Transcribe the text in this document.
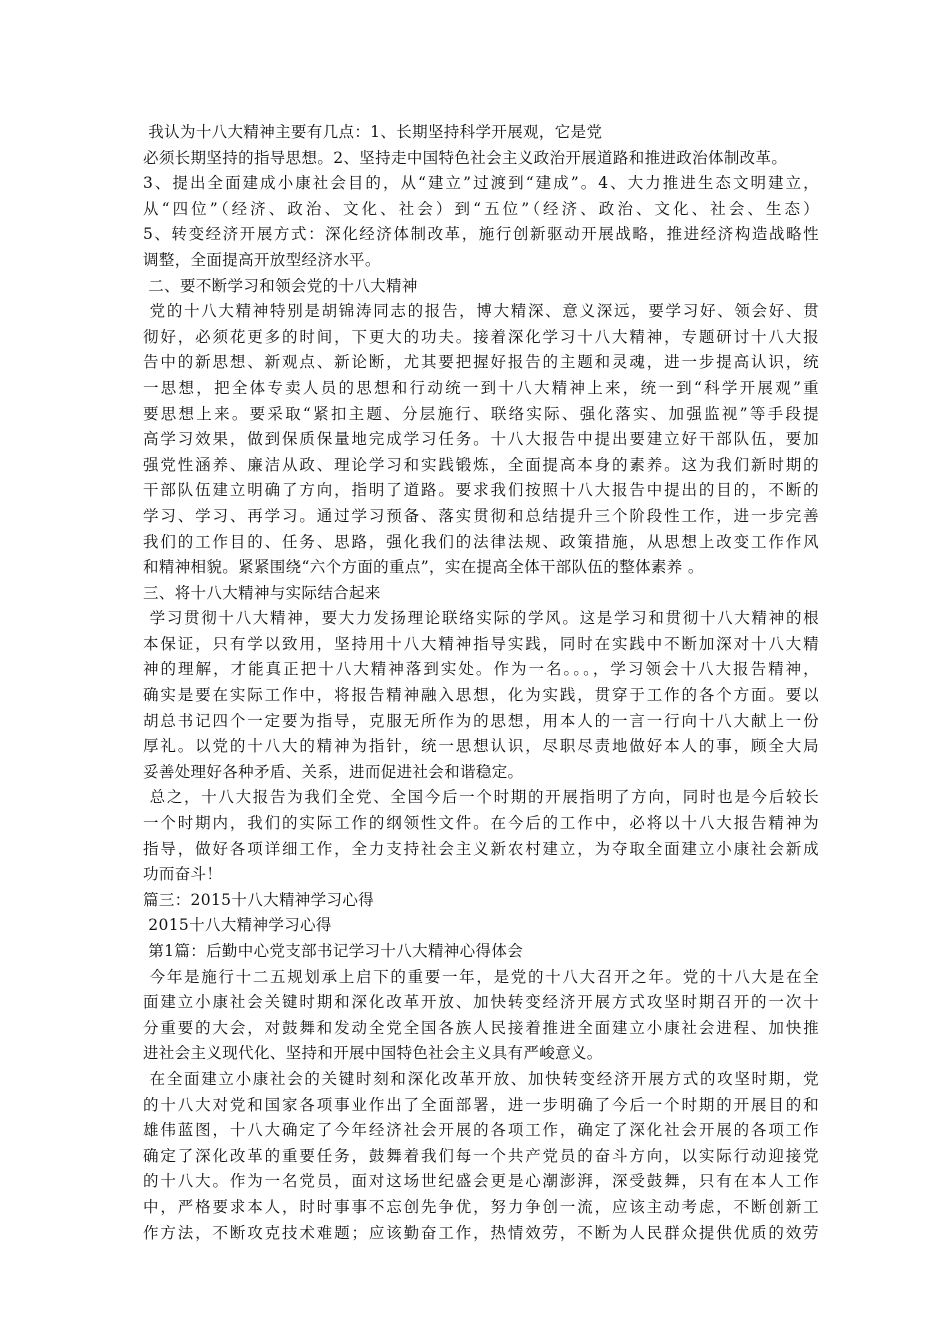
我认为十八大精神主要有几点：1、长期坚持科学开展观，它是党
必须长期坚持的指导思想。2、坚持走中国特色社会主义政治开展道路和推进政治体制改革。
3、提出全面建成小康社会目的，从“建立”过渡到“建成”。4、大力推进生态文明建立，
从“四位”（经济、政治、文化、社会）到“五位”（经济、政治、文化、社会、生态）
5、转变经济开展方式：深化经济体制改革，施行创新驱动开展战略，推进经济构造战略性
调整，全面提高开放型经济水平。
二、要不断学习和领会党的十八大精神
党的十八大精神特别是胡锦涛同志的报告，博大精深、意义深远，要学习好、领会好、贯
彻好，必须花更多的时间，下更大的功夫。接着深化学习十八大精神，专题研讨十八大报
告中的新思想、新观点、新论断，尤其要把握好报告的主题和灵魂，进一步提高认识，统
一思想，把全体专卖人员的思想和行动统一到十八大精神上来，统一到“科学开展观”重
要思想上来。要采取“紧扣主题、分层施行、联络实际、强化落实、加强监视”等手段提
高学习效果，做到保质保量地完成学习任务。十八大报告中提出要建立好干部队伍，要加
强党性涵养、廉洁从政、理论学习和实践锻炼，全面提高本身的素养。这为我们新时期的
干部队伍建立明确了方向，指明了道路。要求我们按照十八大报告中提出的目的，不断的
学习、学习、再学习。通过学习预备、落实贯彻和总结提升三个阶段性工作，进一步完善
我们的工作目的、任务、思路，强化我们的法律法规、政策措施，从思想上改变工作作风
和精神相貌。紧紧围绕“六个方面的重点”，实在提高全体干部队伍的整体素养 。
三、将十八大精神与实际结合起来
学习贯彻十八大精神，要大力发扬理论联络实际的学风。这是学习和贯彻十八大精神的根
本保证，只有学以致用，坚持用十八大精神指导实践，同时在实践中不断加深对十八大精
神的理解，才能真正把十八大精神落到实处。作为一名。。。，学习领会十八大报告精神，
确实是要在实际工作中，将报告精神融入思想，化为实践，贯穿于工作的各个方面。要以
胡总书记四个一定要为指导，克服无所作为的思想，用本人的一言一行向十八大献上一份
厚礼。以党的十八大的精神为指针，统一思想认识，尽职尽责地做好本人的事，顾全大局
妥善处理好各种矛盾、关系，进而促进社会和谐稳定。
总之，十八大报告为我们全党、全国今后一个时期的开展指明了方向，同时也是今后较长
一个时期内，我们的实际工作的纲领性文件。在今后的工作中，必将以十八大报告精神为
指导，做好各项详细工作，全力支持社会主义新农村建立，为夺取全面建立小康社会新成
功而奋斗！
篇三：2015十八大精神学习心得
2015十八大精神学习心得
第1篇：后勤中心党支部书记学习十八大精神心得体会
今年是施行十二五规划承上启下的重要一年，是党的十八大召开之年。党的十八大是在全
面建立小康社会关键时期和深化改革开放、加快转变经济开展方式攻坚时期召开的一次十
分重要的大会，对鼓舞和发动全党全国各族人民接着推进全面建立小康社会进程、加快推
进社会主义现代化、坚持和开展中国特色社会主义具有严峻意义。
在全面建立小康社会的关键时刻和深化改革开放、加快转变经济开展方式的攻坚时期，党
的十八大对党和国家各项事业作出了全面部署，进一步明确了今后一个时期的开展目的和
雄伟蓝图，十八大确定了今年经济社会开展的各项工作，确定了深化社会开展的各项工作
确定了深化改革的重要任务，鼓舞着我们每一个共产党员的奋斗方向，以实际行动迎接党
的十八大。作为一名党员，面对这场世纪盛会更是心潮澎湃，深受鼓舞，只有在本人工作
中，严格要求本人，时时事事不忘创先争优，努力争创一流，应该主动考虑，不断创新工
作方法，不断攻克技术难题；应该勤奋工作，热情效劳，不断为人民群众提供优质的效劳
